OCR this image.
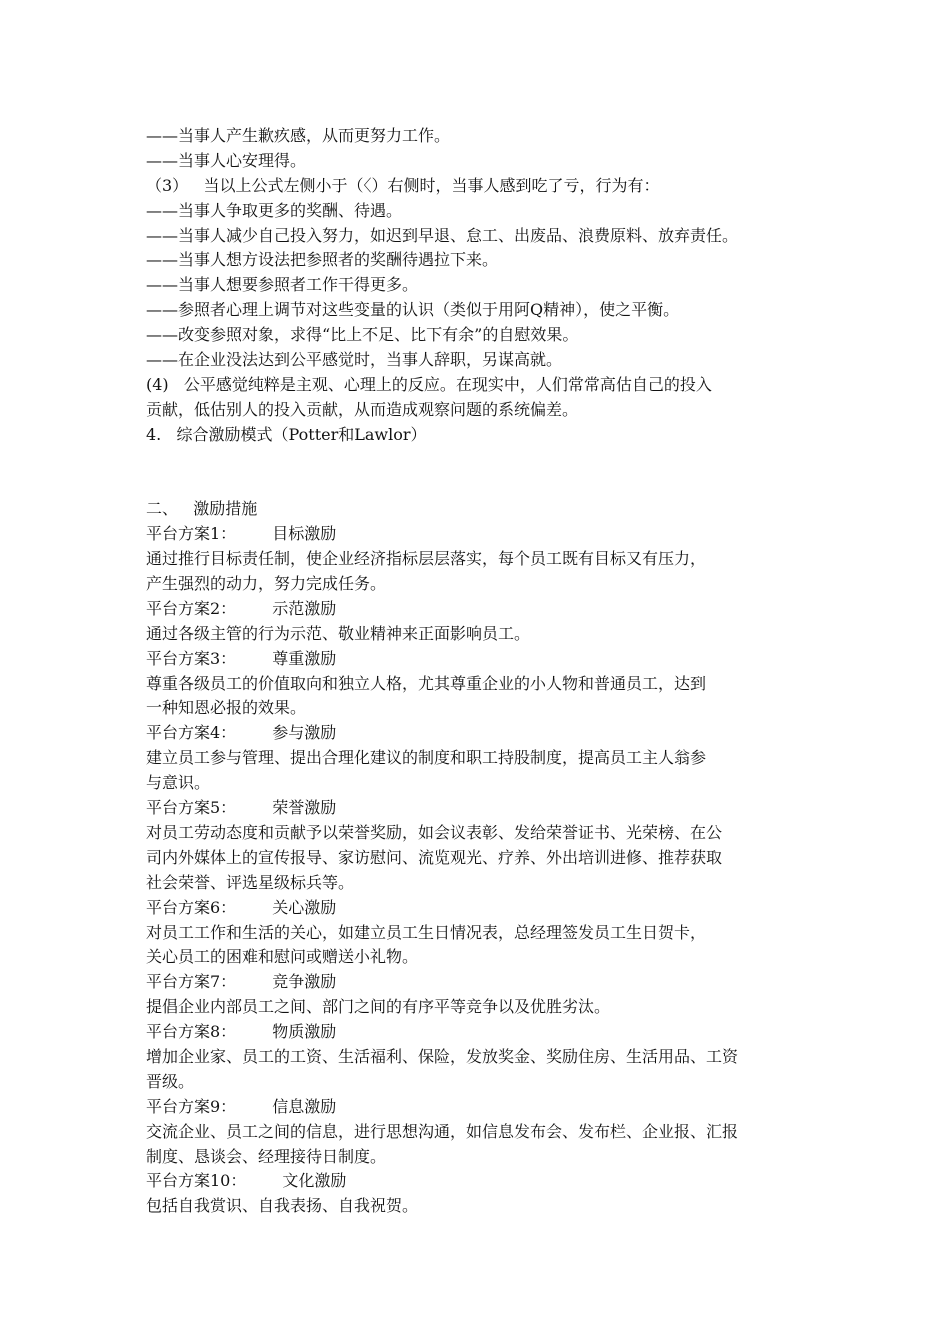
——当事人产生歉疚感，从而更努力工作。
——当事人心安理得。
（3）   当以上公式左侧小于（〈）右侧时，当事人感到吃了亏，行为有：
——当事人争取更多的奖酬、待遇。
——当事人减少自己投入努力，如迟到早退、怠工、出废品、浪费原料、放弃责任。
——当事人想方设法把参照者的奖酬待遇拉下来。
——当事人想要参照者工作干得更多。
——参照者心理上调节对这些变量的认识（类似于用阿Q精神），使之平衡。
——改变参照对象，求得“比上不足、比下有余”的自慰效果。
——在企业没法达到公平感觉时，当事人辞职，另谋高就。
(4)   公平感觉纯粹是主观、心理上的反应。在现实中，人们常常高估自己的投入
贡献，低估别人的投入贡献，从而造成观察问题的系统偏差。
4.   综合激励模式（Potter和Lawlor）
二、   激励措施
平台方案1： 目标激励
通过推行目标责任制，使企业经济指标层层落实，每个员工既有目标又有压力，
产生强烈的动力，努力完成任务。
平台方案2： 示范激励
通过各级主管的行为示范、敬业精神来正面影响员工。
平台方案3： 尊重激励
尊重各级员工的价值取向和独立人格，尤其尊重企业的小人物和普通员工，达到
一种知恩必报的效果。
平台方案4： 参与激励
建立员工参与管理、提出合理化建议的制度和职工持股制度，提高员工主人翁参
与意识。
平台方案5： 荣誉激励
对员工劳动态度和贡献予以荣誉奖励，如会议表彰、发给荣誉证书、光荣榜、在公
司内外媒体上的宣传报导、家访慰问、流览观光、疗养、外出培训进修、推荐获取
社会荣誉、评选星级标兵等。
平台方案6： 关心激励
对员工工作和生活的关心，如建立员工生日情况表，总经理签发员工生日贺卡，
关心员工的困难和慰问或赠送小礼物。
平台方案7： 竞争激励
提倡企业内部员工之间、部门之间的有序平等竞争以及优胜劣汰。
平台方案8： 物质激励
增加企业家、员工的工资、生活福利、保险，发放奖金、奖励住房、生活用品、工资
晋级。
平台方案9： 信息激励
交流企业、员工之间的信息，进行思想沟通，如信息发布会、发布栏、企业报、汇报
制度、恳谈会、经理接待日制度。
平台方案10： 文化激励
包括自我赏识、自我表扬、自我祝贺。
